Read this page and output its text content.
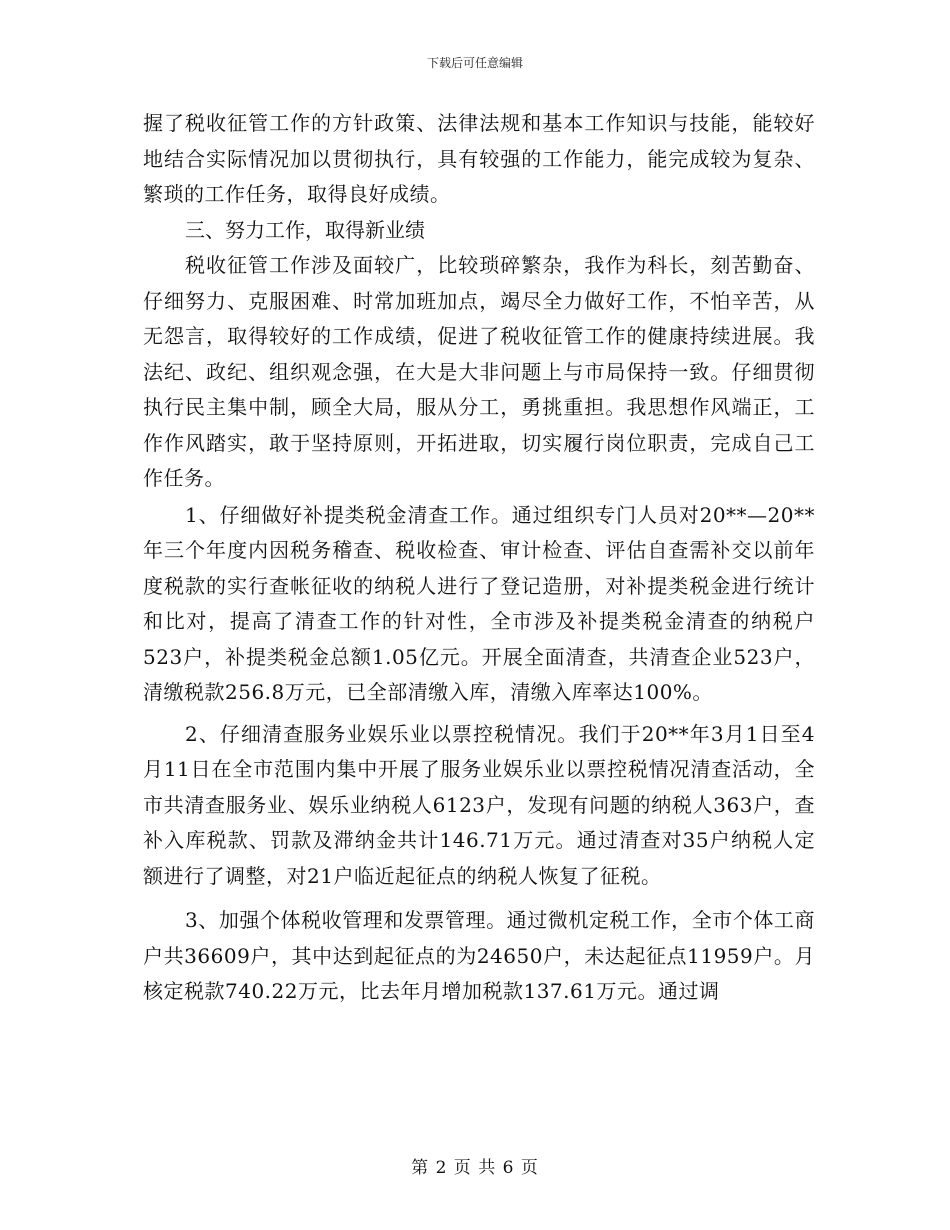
下载后可任意编辑

握了税收征管工作的方针政策、法律法规和基本工作知识与技能，能较好地结合实际情况加以贯彻执行，具有较强的工作能力，能完成较为复杂、繁琐的工作任务，取得良好成绩。

三、努力工作，取得新业绩

税收征管工作涉及面较广，比较琐碎繁杂，我作为科长，刻苦勤奋、仔细努力、克服困难、时常加班加点，竭尽全力做好工作，不怕辛苦，从无怨言，取得较好的工作成绩，促进了税收征管工作的健康持续进展。我法纪、政纪、组织观念强，在大是大非问题上与市局保持一致。仔细贯彻执行民主集中制，顾全大局，服从分工，勇挑重担。我思想作风端正，工作作风踏实，敢于坚持原则，开拓进取，切实履行岗位职责，完成自己工作任务。

1、仔细做好补提类税金清查工作。通过组织专门人员对20**—20**年三个年度内因税务稽查、税收检查、审计检查、评估自查需补交以前年度税款的实行查帐征收的纳税人进行了登记造册，对补提类税金进行统计和比对，提高了清查工作的针对性，全市涉及补提类税金清查的纳税户523户，补提类税金总额1.05亿元。开展全面清查，共清查企业523户，清缴税款256.8万元，已全部清缴入库，清缴入库率达100%。

2、仔细清查服务业娱乐业以票控税情况。我们于20**年3月1日至4月11日在全市范围内集中开展了服务业娱乐业以票控税情况清查活动，全市共清查服务业、娱乐业纳税人6123户，发现有问题的纳税人363户，查补入库税款、罚款及滞纳金共计146.71万元。通过清查对35户纳税人定额进行了调整，对21户临近起征点的纳税人恢复了征税。

3、加强个体税收管理和发票管理。通过微机定税工作，全市个体工商户共36609户，其中达到起征点的为24650户，未达起征点11959户。月核定税款740.22万元，比去年月增加税款137.61万元。通过调

第 2 页 共 6 页
